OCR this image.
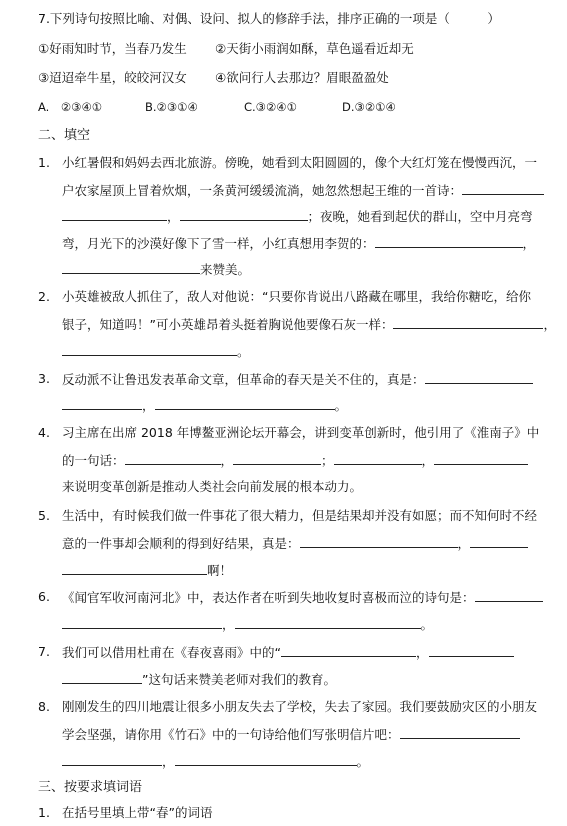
7.下列诗句按照比喻、对偶、设问、拟人的修辞手法，排序正确的一项是（　　　）
①好雨知时节，当春乃发生 ②天街小雨润如酥，草色遥看近却无
③迢迢牵牛星，皎皎河汉女 ④欲问行人去那边？眉眼盈盈处
A.　②③④①	B.②③①④	C.③②④①	D.③②①④
二、填空
1. 小红暑假和妈妈去西北旅游。傍晚，她看到太阳圆圆的，像个大红灯笼在慢慢西沉，一
户农家屋顶上冒着炊烟，一条黄河缓缓流淌，她忽然想起王维的一首诗：
，	；夜晚，她看到起伏的群山，空中月亮弯
弯，月光下的沙漠好像下了雪一样，小红真想用李贺的：	，
来赞美。
2. 小英雄被敌人抓住了，敌人对他说：“只要你肯说出八路藏在哪里，我给你糖吃，给你
银子，知道吗！”可小英雄昂着头挺着胸说他要像石灰一样：	，
。
3. 反动派不让鲁迅发表革命文章，但革命的春天是关不住的，真是：
，	。
4. 习主席在出席 2018 年博鳌亚洲论坛开幕会，讲到变革创新时，他引用了《淮南子》中
的一句话：	，	；	，
来说明变革创新是推动人类社会向前发展的根本动力。
5. 生活中，有时候我们做一件事花了很大精力，但是结果却并没有如愿；而不知何时不经
意的一件事却会顺利的得到好结果，真是：	，
啊！
6. 《闻官军收河南河北》中，表达作者在听到失地收复时喜极而泣的诗句是：
，	。
7. 我们可以借用杜甫在《春夜喜雨》中的“	，
”这句话来赞美老师对我们的教育。
8. 刚刚发生的四川地震让很多小朋友失去了学校，失去了家园。我们要鼓励灾区的小朋友
学会坚强，请你用《竹石》中的一句诗给他们写张明信片吧：
，	。
三、按要求填词语
1. 在括号里填上带“春”的词语
